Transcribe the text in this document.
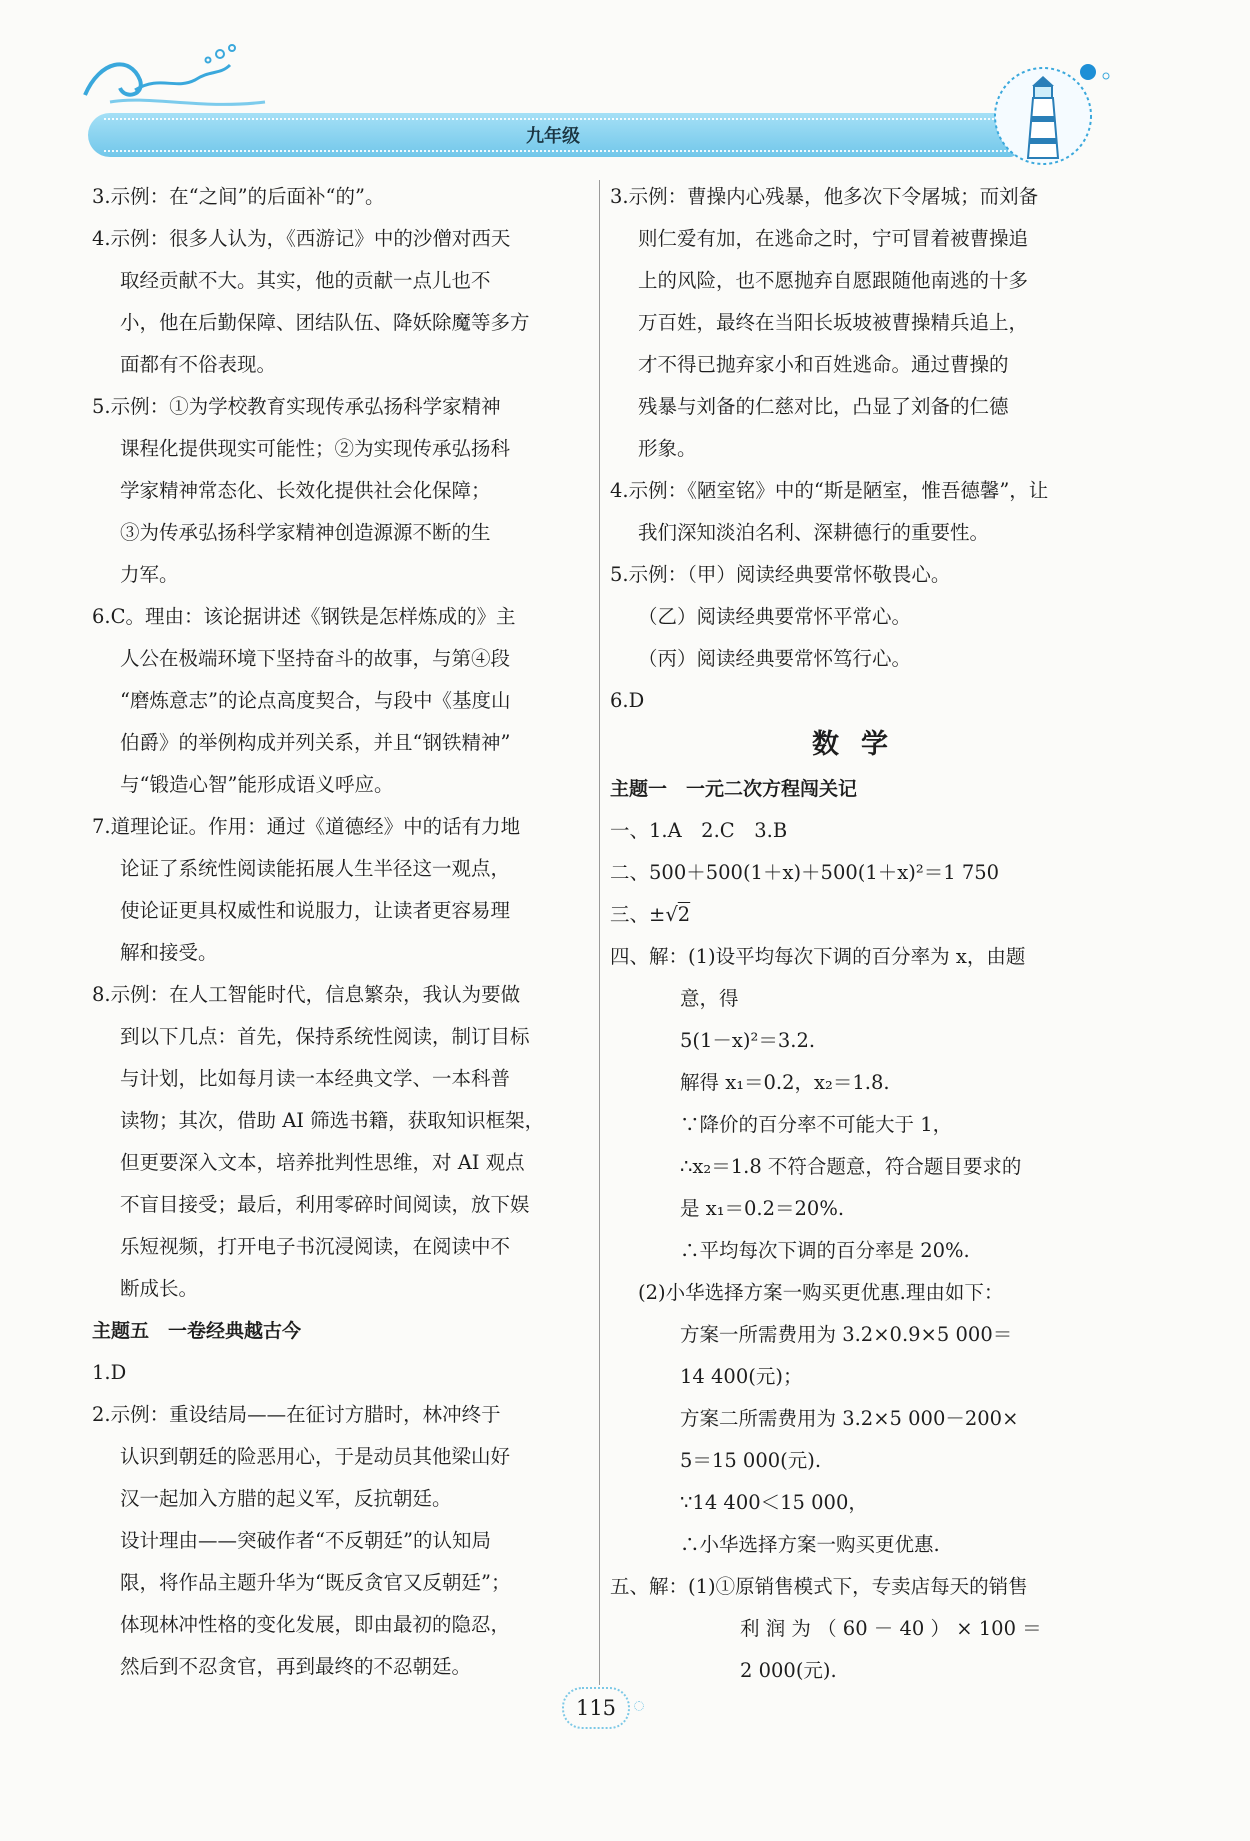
九年级
3.示例：在“之间”的后面补“的”。
4.示例：很多人认为，《西游记》中的沙僧对西天
取经贡献不大。其实，他的贡献一点儿也不
小，他在后勤保障、团结队伍、降妖除魔等多方
面都有不俗表现。
5.示例：①为学校教育实现传承弘扬科学家精神
课程化提供现实可能性；②为实现传承弘扬科
学家精神常态化、长效化提供社会化保障；
③为传承弘扬科学家精神创造源源不断的生
力军。
6.C。理由：该论据讲述《钢铁是怎样炼成的》主
人公在极端环境下坚持奋斗的故事，与第④段
“磨炼意志”的论点高度契合，与段中《基度山
伯爵》的举例构成并列关系，并且“钢铁精神”
与“锻造心智”能形成语义呼应。
7.道理论证。作用：通过《道德经》中的话有力地
论证了系统性阅读能拓展人生半径这一观点，
使论证更具权威性和说服力，让读者更容易理
解和接受。
8.示例：在人工智能时代，信息繁杂，我认为要做
到以下几点：首先，保持系统性阅读，制订目标
与计划，比如每月读一本经典文学、一本科普
读物；其次，借助 AI 筛选书籍，获取知识框架，
但更要深入文本，培养批判性思维，对 AI 观点
不盲目接受；最后，利用零碎时间阅读，放下娱
乐短视频，打开电子书沉浸阅读，在阅读中不
断成长。
主题五　一卷经典越古今
1.D
2.示例：重设结局——在征讨方腊时，林冲终于
认识到朝廷的险恶用心，于是动员其他梁山好
汉一起加入方腊的起义军，反抗朝廷。
设计理由——突破作者“不反朝廷”的认知局
限，将作品主题升华为“既反贪官又反朝廷”；
体现林冲性格的变化发展，即由最初的隐忍，
然后到不忍贪官，再到最终的不忍朝廷。
3.示例：曹操内心残暴，他多次下令屠城；而刘备
则仁爱有加，在逃命之时，宁可冒着被曹操追
上的风险，也不愿抛弃自愿跟随他南逃的十多
万百姓，最终在当阳长坂坡被曹操精兵追上，
才不得已抛弃家小和百姓逃命。通过曹操的
残暴与刘备的仁慈对比，凸显了刘备的仁德
形象。
4.示例：《陋室铭》中的“斯是陋室，惟吾德馨”，让
我们深知淡泊名利、深耕德行的重要性。
5.示例：（甲）阅读经典要常怀敬畏心。
（乙）阅读经典要常怀平常心。
（丙）阅读经典要常怀笃行心。
6.D
数学
主题一　一元二次方程闯关记
一、1.A　2.C　3.B
二、500＋500(1＋x)＋500(1＋x)²＝1 750
三、±√2
四、解：(1)设平均每次下调的百分率为 x，由题
意，得
5(1－x)²＝3.2.
解得 x₁＝0.2，x₂＝1.8.
∵降价的百分率不可能大于 1，
∴x₂＝1.8 不符合题意，符合题目要求的
是 x₁＝0.2＝20%.
∴平均每次下调的百分率是 20%.
(2)小华选择方案一购买更优惠.理由如下：
方案一所需费用为 3.2×0.9×5 000＝
14 400(元)；
方案二所需费用为 3.2×5 000－200×
5＝15 000(元).
∵14 400＜15 000，
∴小华选择方案一购买更优惠.
五、解：(1)①原销售模式下，专卖店每天的销售
利 润 为 （ 60 － 40 ） × 100 ＝
2 000(元).
115
